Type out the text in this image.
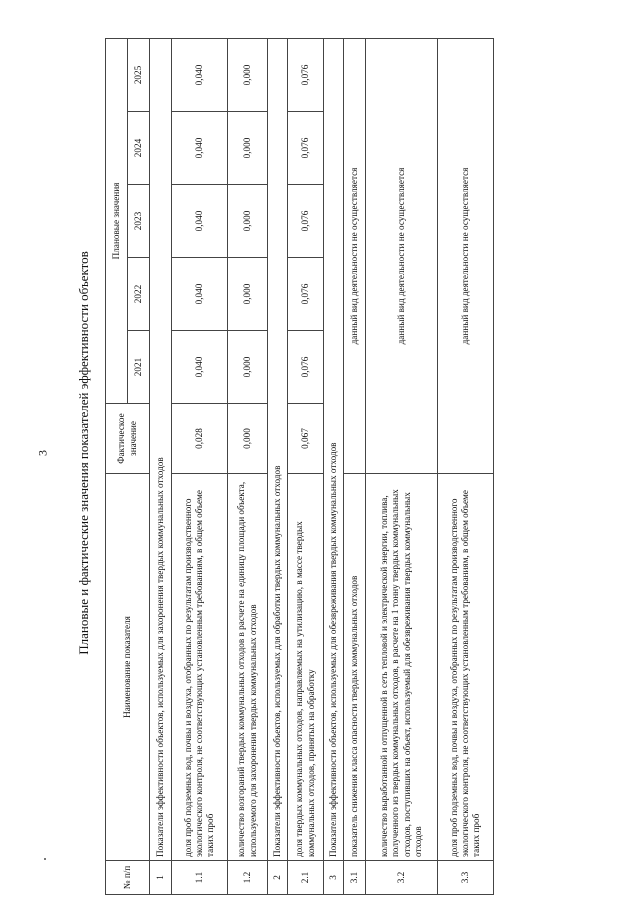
3 Плановые и фактические значения показателей эффективности объектов
№ п/п	Наименование показателя	Фактическое значение	Плановые значения				
			2021	2022	2023	2024	2025
1	Показатели эффективности объектов, используемых для захоронения твердых коммунальных отходов						
1.1	доля проб подземных вод, почвы и воздуха, отобранных по результатам производственного экологического контроля, не соответствующих установленным требованиям, в общем объеме таких проб	0,028	0,040	0,040	0,040	0,040	0,040
1.2	количество возгораний твердых коммунальных отходов в расчете на единицу площади объекта, используемого для захоронения твердых коммунальных отходов	0,000	0,000	0,000	0,000	0,000	0,000
2	Показатели эффективности объектов, используемых для обработки твердых коммунальных отходов						
2.1	доля твердых коммунальных отходов, направляемых на утилизацию, в массе твердых коммунальных отходов, принятых на обработку	0,067	0,076	0,076	0,076	0,076	0,076
3	Показатели эффективности объектов, используемых для обезвреживания твердых коммунальных отходов						
3.1	показатель снижения класса опасности твердых коммунальных отходов	данный вид деятельности не осуществляется					
3.2	количество выработанной и отпущенной в сеть тепловой и электрической энергии, топлива, полученного из твердых коммунальных отходов, в расчете на 1 тонну твердых коммунальных отходов, поступивших на объект, используемый для обезвреживания твердых коммунальных отходов	данный вид деятельности не осуществляется					
3.3	доля проб подземных вод, почвы и воздуха, отобранных по результатам производственного экологического контроля, не соответствующих установленным требованиям, в общем объеме таких проб	данный вид деятельности не осуществляется					
